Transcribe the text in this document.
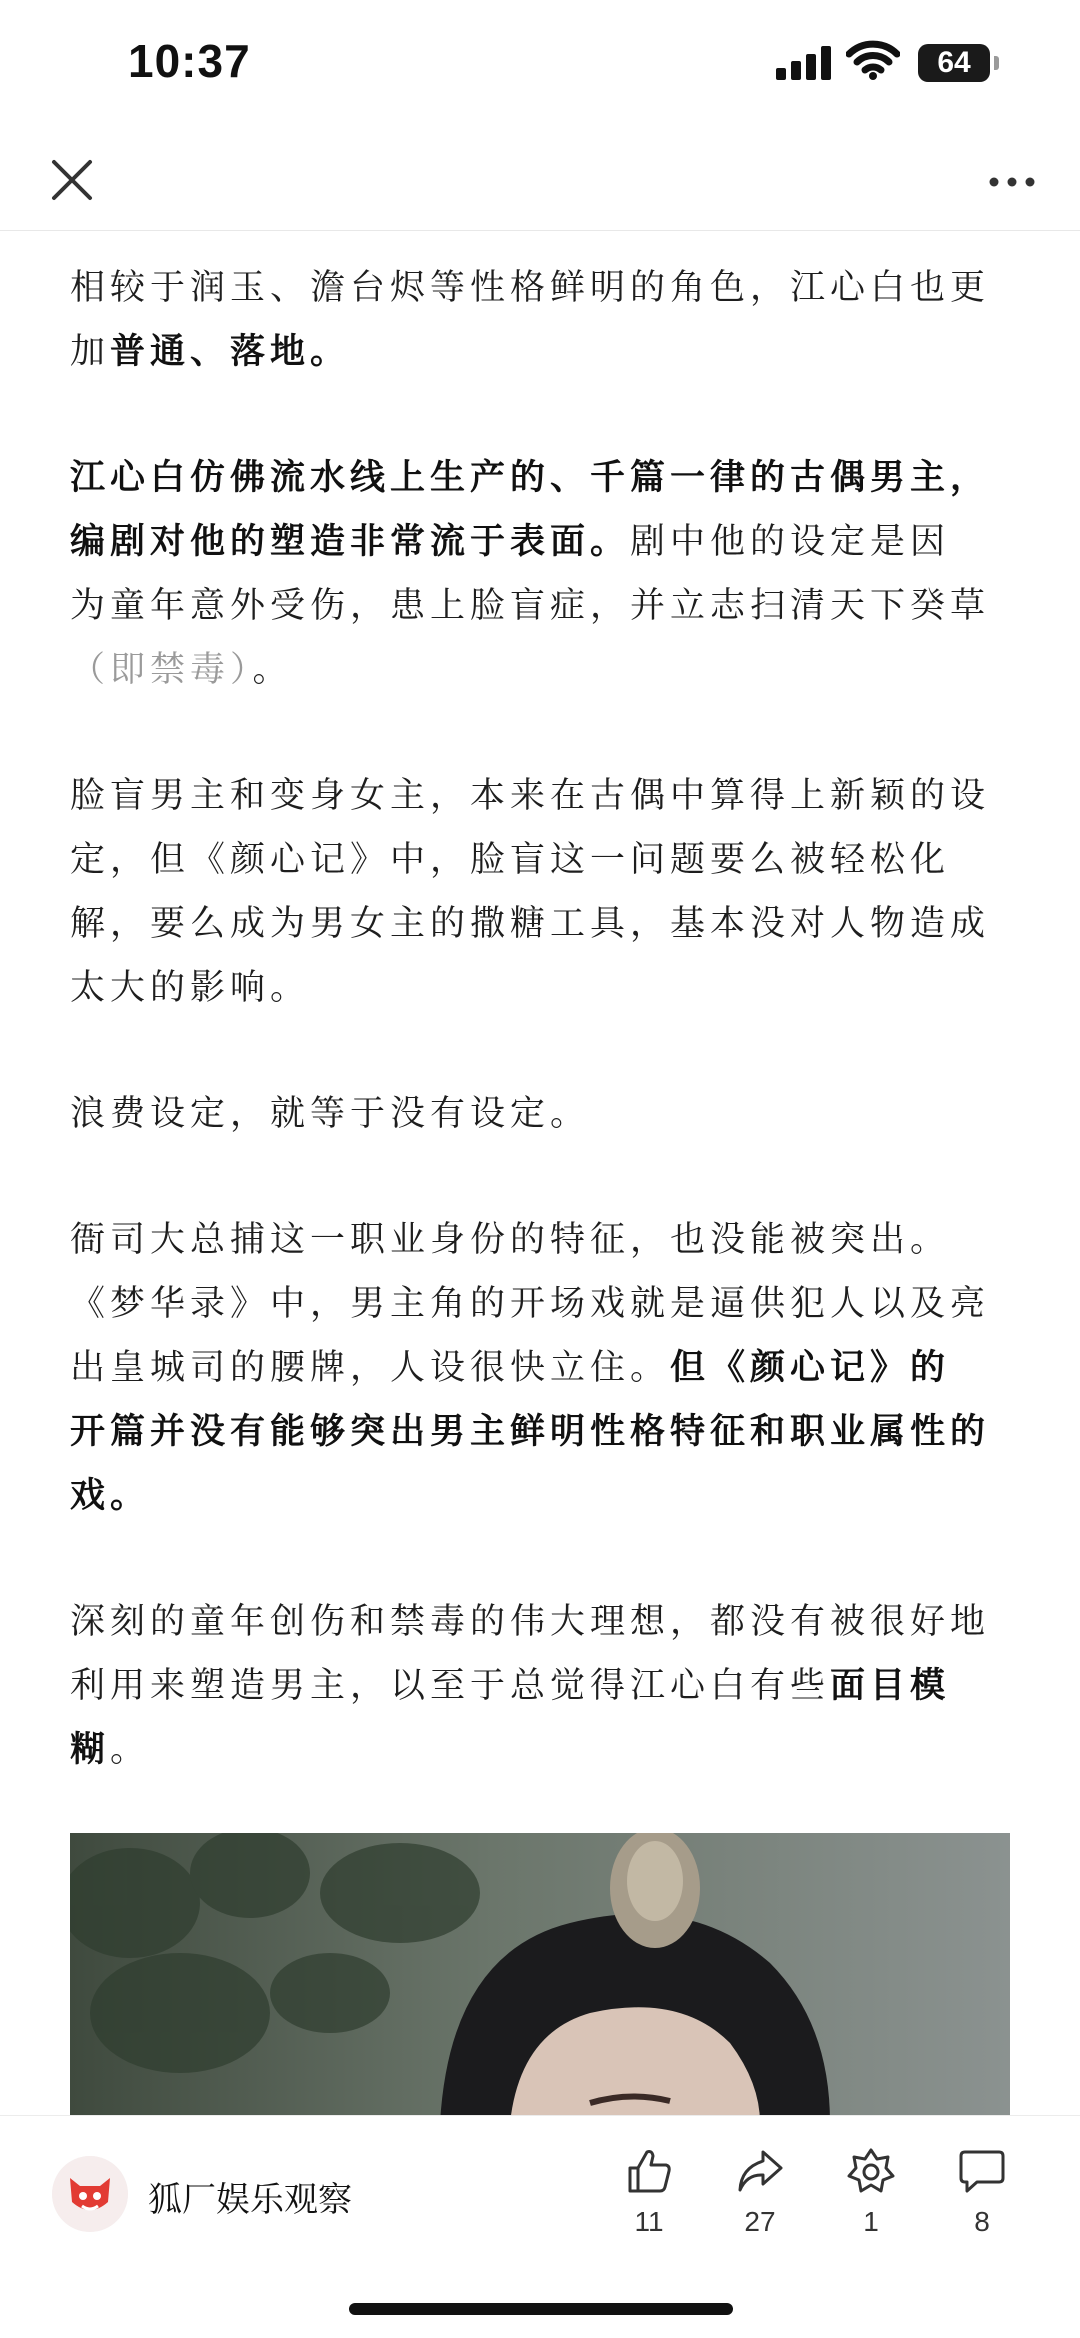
10:37	64

相较于润玉、澹台烬等性格鲜明的角色，江心白也更加普通、落地。

江心白仿佛流水线上生产的、千篇一律的古偶男主，编剧对他的塑造非常流于表面。剧中他的设定是因为童年意外受伤，患上脸盲症，并立志扫清天下癸草（即禁毒）。

脸盲男主和变身女主，本来在古偶中算得上新颖的设定，但《颜心记》中，脸盲这一问题要么被轻松化解，要么成为男女主的撒糖工具，基本没对人物造成太大的影响。

浪费设定，就等于没有设定。

衙司大总捕这一职业身份的特征，也没能被突出。《梦华录》中，男主角的开场戏就是逼供犯人以及亮出皇城司的腰牌，人设很快立住。但《颜心记》的开篇并没有能够突出男主鲜明性格特征和职业属性的戏。

深刻的童年创伤和禁毒的伟大理想，都没有被很好地利用来塑造男主，以至于总觉得江心白有些面目模糊。

狐厂娱乐观察
11	27	1	8
